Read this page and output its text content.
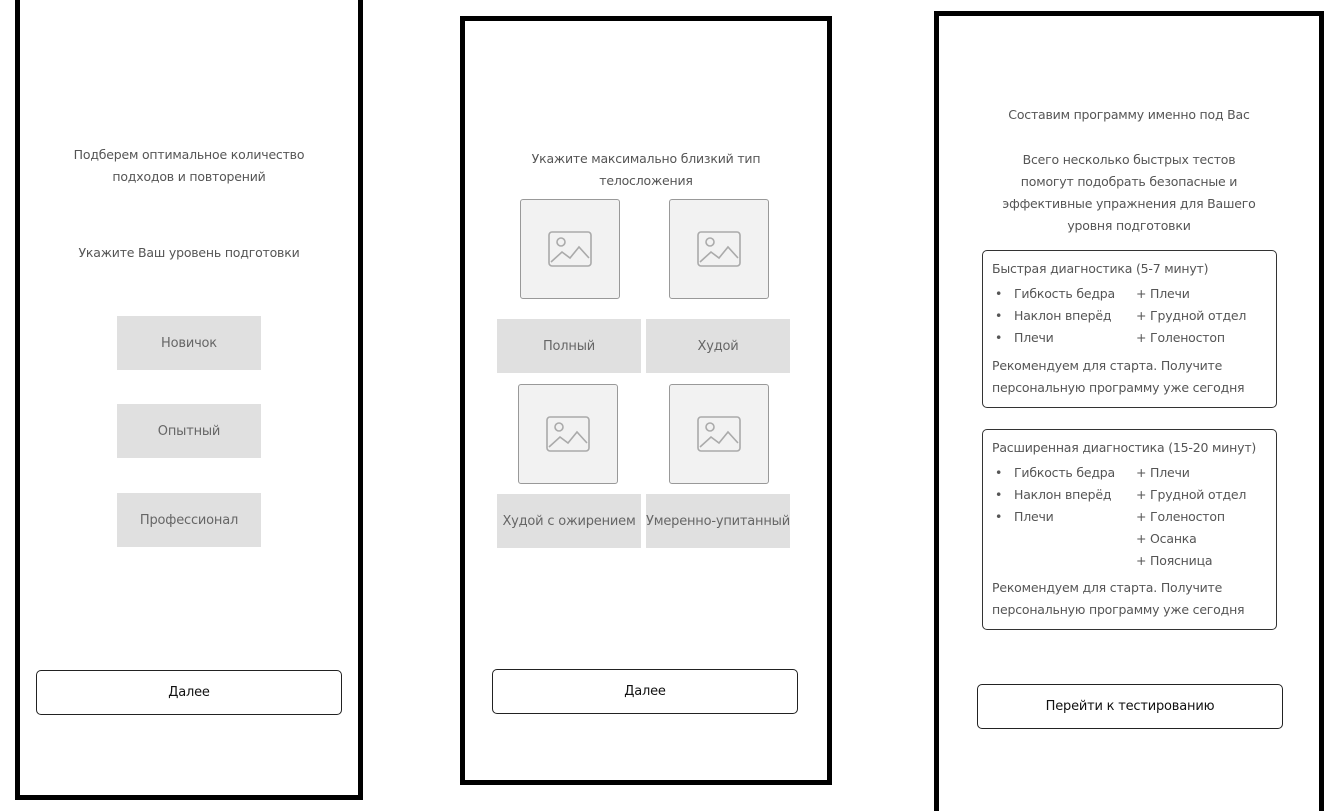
Подберем оптимальное количество
подходов и повторений
Укажите Ваш уровень подготовки
Новичок
Опытный
Профессионал
Далее
Укажите максимально близкий тип
телосложения
Полный	Худой
Худой с ожирением Умеренно-упитанный
Далее
Составим программу именно под Вас
Всего несколько быстрых тестов
помогут подобрать безопасные и
эффективные упражнения для Вашего
уровня подготовки
Быстрая диагностика (5-7 минут)
• Гибкость бедра + Плечи
• Наклон вперёд + Грудной отдел
• Плечи	+ Голеностоп
Рекомендуем для старта. Получите
персональную программу уже сегодня
Расширенная диагностика (15-20 минут)
• Гибкость бедра + Плечи
• Наклон вперёд + Грудной отдел
• Плечи	+ Голеностоп
+ Осанка
+ Поясница
Рекомендуем для старта. Получите
персональную программу уже сегодня
Перейти к тестированию
